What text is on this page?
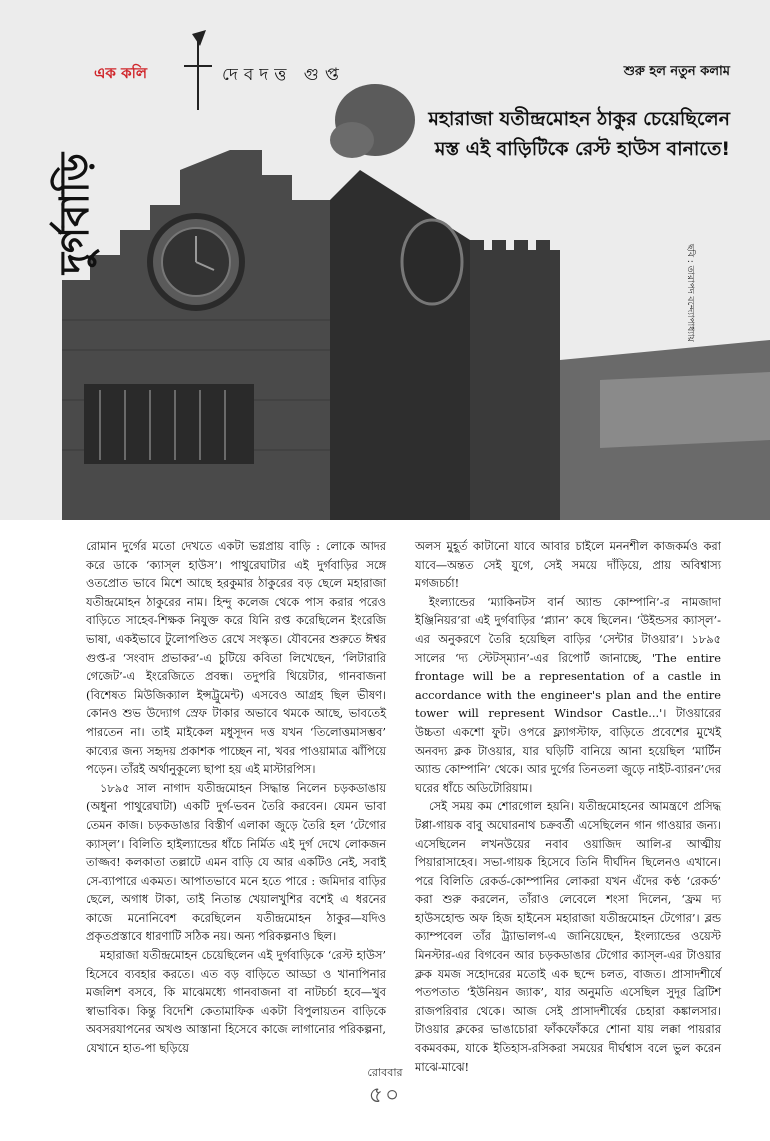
এক কলি	দেবদত্ত গুপ্ত	শুরু হল নতুন কলাম
দুর্গবাড়ি
মহারাজা যতীন্দ্রমোহন ঠাকুর চেয়েছিলেন মস্ত এই বাড়িটিকে রেস্ট হাউস বানাতে!
ছবি : তারাপদ বন্দ্যোপাধ্যায়

রোমান দুর্গের মতো দেখতে একটা ভগ্নপ্রায় বাড়ি : লোকে আদর করে ডাকে ‘ক্যাস্‌ল হাউস’। পাথুরেঘাটার এই দুর্গবাড়ির সঙ্গে ওতপ্রোত ভাবে মিশে আছে হরকুমার ঠাকুরের বড় ছেলে মহারাজা যতীন্দ্রমোহন ঠাকুরের নাম। হিন্দু কলেজ থেকে পাস করার পরেও বাড়িতে সাহেব-শিক্ষক নিযুক্ত করে যিনি রপ্ত করেছিলেন ইংরেজি ভাষা, একইভাবে টুলোপণ্ডিত রেখে সংস্কৃত। যৌবনের শুরুতে ঈশ্বর গুপ্ত-র ‘সংবাদ প্রভাকর’-এ চুটিয়ে কবিতা লিখেছেন, ‘লিটারারি গেজেট’-এ ইংরেজিতে প্রবন্ধ। তদুপরি থিয়েটার, গানবাজনা (বিশেষত মিউজিক্যাল ইন্সট্রুমেন্ট) এসবেও আগ্রহ ছিল ভীষণ। কোনও শুভ উদ্যোগ স্রেফ টাকার অভাবে থমকে আছে, ভাবতেই পারতেন না। তাই মাইকেল মধুসূদন দত্ত যখন ‘তিলোত্তমাসম্ভব’ কাব্যের জন্য সহৃদয় প্রকাশক পাচ্ছেন না, খবর পাওয়ামাত্র ঝাঁপিয়ে পড়েন। তাঁরই অর্থানুকূল্যে ছাপা হয় এই মাস্টারপিস।

১৮৯৫ সাল নাগাদ যতীন্দ্রমোহন সিদ্ধান্ত নিলেন চড়কডাঙায় (অধুনা পাথুরেঘাটা) একটি দুর্গ-ভবন তৈরি করবেন। যেমন ভাবা তেমন কাজ। চড়কডাঙার বিস্তীর্ণ এলাকা জুড়ে তৈরি হল ‘টেগোর ক্যাস্‌ল’। বিলিতি হাইল্যান্ডের ধাঁচে নির্মিত এই দুর্গ দেখে লোকজন তাজ্জব! কলকাতা তল্লাটে এমন বাড়ি যে আর একটিও নেই, সবাই সে-ব্যাপারে একমত। আপাতভাবে মনে হতে পারে : জমিদার বাড়ির ছেলে, অগাধ টাকা, তাই নিতান্ত খেয়ালখুশির বশেই এ ধরনের কাজে মনোনিবেশ করেছিলেন যতীন্দ্রমোহন ঠাকুর—যদিও প্রকৃতপ্রস্তাবে ধারণাটি সঠিক নয়। অন্য পরিকল্পনাও ছিল।

মহারাজা যতীন্দ্রমোহন চেয়েছিলেন এই দুর্গবাড়িকে ‘রেস্ট হাউস’ হিসেবে ব্যবহার করতে। এত বড় বাড়িতে আড্ডা ও খানাপিনার মজলিশ বসবে, কি মাঝেমধ্যে গানবাজনা বা নাটচর্চা হবে—খুব স্বাভাবিক। কিন্তু বিদেশি কেতামাফিক একটা বিপুলায়তন বাড়িকে অবসরযাপনের অখণ্ড আস্তানা হিসেবে কাজে লাগানোর পরিকল্পনা, যেখানে হাত-পা ছড়িয়ে

অলস মুহূর্ত কাটানো যাবে আবার চাইলে মননশীল কাজকর্মও করা যাবে—অন্তত সেই যুগে, সেই সময়ে দাঁড়িয়ে, প্রায় অবিশ্বাস্য মগজচর্চা!

ইংল্যান্ডের ‘ম্যাকিনটস বার্ন অ্যান্ড কোম্পানি’-র নামজাদা ইঞ্জিনিয়র’রা এই দুর্গবাড়ির ‘প্ল্যান’ কষে ছিলেন। ‘উইন্ডসর ক্যাস্‌ল’-এর অনুকরণে তৈরি হয়েছিল বাড়ির ‘সেন্টার টাওয়ার’। ১৮৯৫ সালের ‘দ্য স্টেটস্‌ম্যান’-এর রিপোর্ট জানাচ্ছে, 'The entire frontage will be a representation of a castle in accordance with the engineer's plan and the entire tower will represent Windsor Castle...'। টাওয়ারের উচ্চতা একশো ফুট। ওপরে ফ্ল্যাগস্টাফ, বাড়িতে প্রবেশের মুখেই অনবদ্য ক্লক টাওয়ার, যার ঘড়িটি বানিয়ে আনা হয়েছিল ‘মার্টিন অ্যান্ড কোম্পানি’ থেকে। আর দুর্গের তিনতলা জুড়ে নাইট-ব্যারন’দের ঘরের ধাঁচে অডিটোরিয়াম।

সেই সময় কম শোরগোল হয়নি। যতীন্দ্রমোহনের আমন্ত্রণে প্রসিদ্ধ টপ্পা-গায়ক বাবু অঘোরনাথ চক্রবর্তী এসেছিলেন গান গাওয়ার জন্য। এসেছিলেন লখনউয়ের নবাব ওয়াজিদ আলি-র আত্মীয় পিয়ারাসাহেব। সভা-গায়ক হিসেবে তিনি দীর্ঘদিন ছিলেনও এখানে। পরে বিলিতি রেকর্ড-কোম্পানির লোকরা যখন এঁদের কণ্ঠ ‘রেকর্ড’ করা শুরু করলেন, তাঁরাও লেবেলে শংসা দিলেন, ‘ফ্রম দ্য হাউসহোল্ড অফ হিজ হাইনেস মহারাজা যতীন্দ্রমোহন টেগোর’। ব্লন্ড ক্যাম্পবেল তাঁর ট্র্যাভালগ-এ জানিয়েছেন, ইংল্যান্ডের ওয়েস্ট মিনস্টার-এর বিগবেন আর চড়কডাঙার টেগোর ক্যাস্‌ল-এর টাওয়ার ক্লক যমজ সহোদরের মতোই এক ছন্দে চলত, বাজত। প্রাসাদশীর্ষে পতপতাত ‘ইউনিয়ন জ্যাক’, যার অনুমতি এসেছিল সুদূর ব্রিটিশ রাজপরিবার থেকে। আজ সেই প্রাসাদশীর্ষের চেহারা কঙ্কালসার। টাওয়ার ক্লকের ভাঙাচোরা ফাঁকফোঁকরে শোনা যায় লক্কা পায়রার বকমবকম, যাকে ইতিহাস-রসিকরা সময়ের দীর্ঘশ্বাস বলে ভুল করেন মাঝে-মাঝে!

রোববার
৫০
